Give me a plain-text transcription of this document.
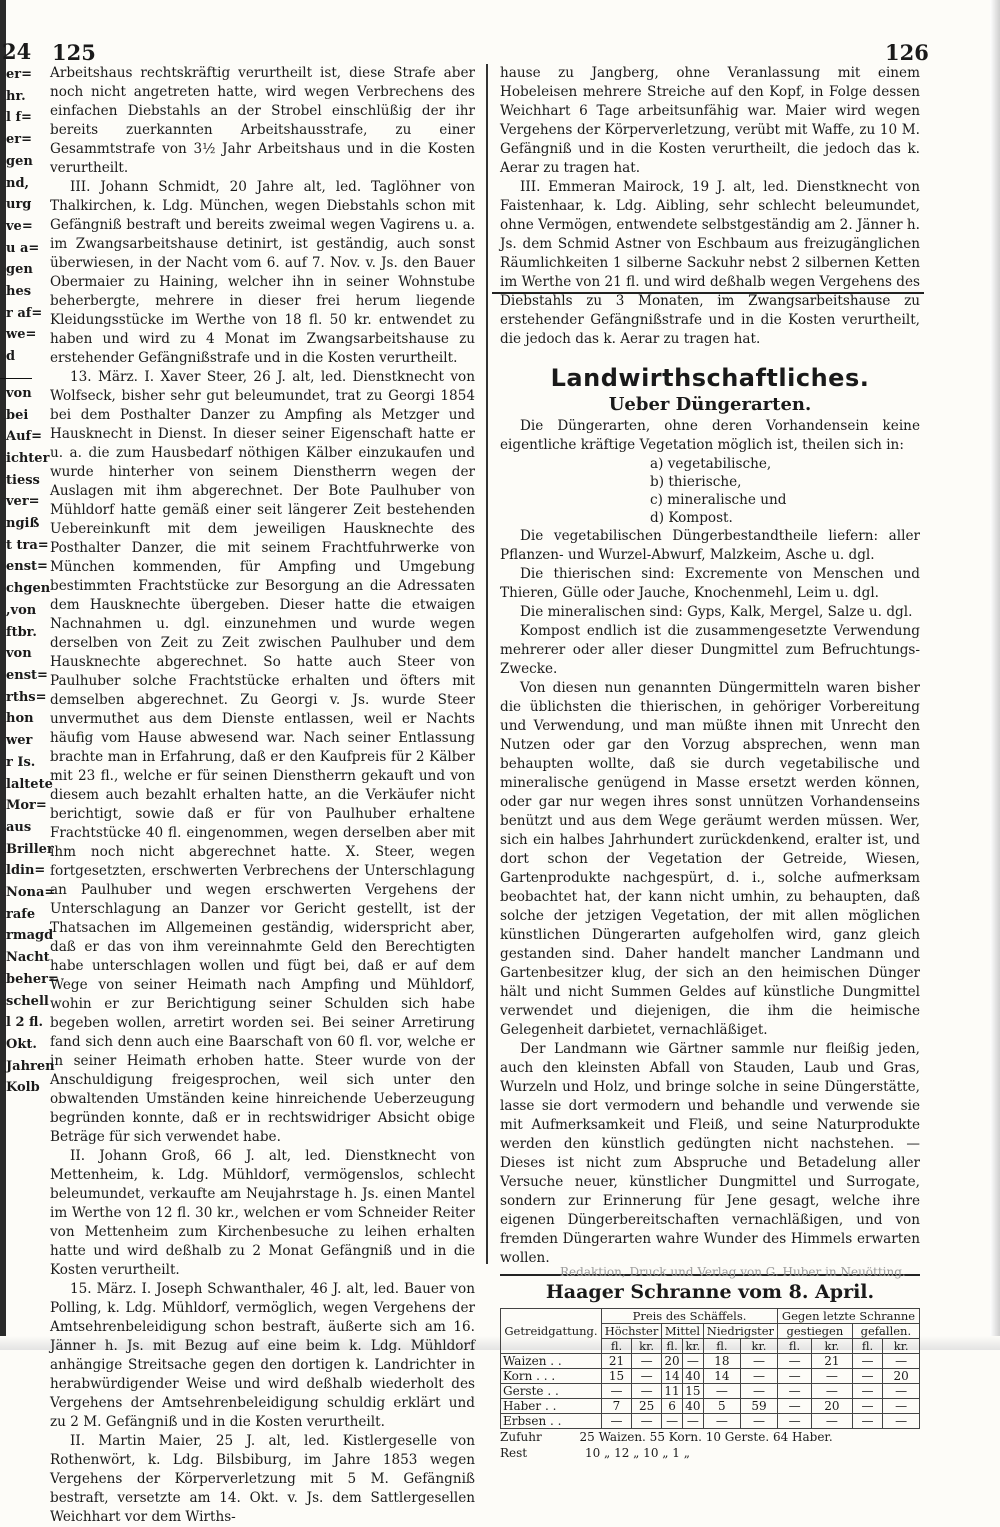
24
er=
hr.
l f=
er=
gen
nd,
urg
ve=
u a=
gen
hes
r af=
we=
d
von
bei
Auf=
ichter
tiess
ver=
ngiß
t tra=
enst=
chgen
,von
ftbr.
von
enst=
rths=
hon
wer
r Is.
laltete
Mor=
aus
Briller
ldin=
Nona=
rafe
rmagd
Nacht
beher=
schell
l 2 fl.
Okt.
Jahren
Kolb
125	126

Arbeitshaus rechtskräftig verurtheilt ist, diese Strafe aber noch nicht angetreten hatte, wird wegen Verbrechens des einfachen Diebstahls an der Strobel einschlüßig der ihr bereits zuerkannten Arbeitshausstrafe, zu einer Gesammtstrafe von 3½ Jahr Arbeitshaus und in die Kosten verurtheilt.

III. Johann Schmidt, 20 Jahre alt, led. Taglöhner von Thalkirchen, k. Ldg. München, wegen Diebstahls schon mit Gefängniß bestraft und bereits zweimal wegen Vagirens u. a. im Zwangsarbeitshause detinirt, ist geständig, auch sonst überwiesen, in der Nacht vom 6. auf 7. Nov. v. Js. den Bauer Obermaier zu Haining, welcher ihn in seiner Wohnstube beherbergte, mehrere in dieser frei herum liegende Kleidungsstücke im Werthe von 18 fl. 50 kr. entwendet zu haben und wird zu 4 Monat im Zwangsarbeitshause zu erstehender Gefängnißstrafe und in die Kosten verurtheilt.

13. März. I. Xaver Steer, 26 J. alt, led. Dienstknecht von Wolfseck, bisher sehr gut beleumundet, trat zu Georgi 1854 bei dem Posthalter Danzer zu Ampfing als Metzger und Hausknecht in Dienst. In dieser seiner Eigenschaft hatte er u. a. die zum Hausbedarf nöthigen Kälber einzukaufen und wurde hinterher von seinem Dienstherrn wegen der Auslagen mit ihm abgerechnet. Der Bote Paulhuber von Mühldorf hatte gemäß einer seit längerer Zeit bestehenden Uebereinkunft mit dem jeweiligen Hausknechte des Posthalter Danzer, die mit seinem Frachtfuhrwerke von München kommenden, für Ampfing und Umgebung bestimmten Frachtstücke zur Besorgung an die Adressaten dem Hausknechte übergeben. Dieser hatte die etwaigen Nachnahmen u. dgl. einzunehmen und wurde wegen derselben von Zeit zu Zeit zwischen Paulhuber und dem Hausknechte abgerechnet. So hatte auch Steer von Paulhuber solche Frachtstücke erhalten und öfters mit demselben abgerechnet. Zu Georgi v. Js. wurde Steer unvermuthet aus dem Dienste entlassen, weil er Nachts häufig vom Hause abwesend war. Nach seiner Entlassung brachte man in Erfahrung, daß er den Kaufpreis für 2 Kälber mit 23 fl., welche er für seinen Dienstherrn gekauft und von diesem auch bezahlt erhalten hatte, an die Verkäufer nicht berichtigt, sowie daß er für von Paulhuber erhaltene Frachtstücke 40 fl. eingenommen, wegen derselben aber mit ihm noch nicht abgerechnet hatte. X. Steer, wegen fortgesetzten, erschwerten Verbrechens der Unterschlagung an Paulhuber und wegen erschwerten Vergehens der Unterschlagung an Danzer vor Gericht gestellt, ist der Thatsachen im Allgemeinen geständig, widerspricht aber, daß er das von ihm vereinnahmte Geld den Berechtigten habe unterschlagen wollen und fügt bei, daß er auf dem Wege von seiner Heimath nach Ampfing und Mühldorf, wohin er zur Berichtigung seiner Schulden sich habe begeben wollen, arretirt worden sei. Bei seiner Arretirung fand sich denn auch eine Baarschaft von 60 fl. vor, welche er in seiner Heimath erhoben hatte. Steer wurde von der Anschuldigung freigesprochen, weil sich unter den obwaltenden Umständen keine hinreichende Ueberzeugung begründen konnte, daß er in rechtswidriger Absicht obige Beträge für sich verwendet habe.

II. Johann Groß, 66 J. alt, led. Dienstknecht von Mettenheim, k. Ldg. Mühldorf, vermögenslos, schlecht beleumundet, verkaufte am Neujahrstage h. Js. einen Mantel im Werthe von 12 fl. 30 kr., welchen er vom Schneider Reiter von Mettenheim zum Kirchenbesuche zu leihen erhalten hatte und wird deßhalb zu 2 Monat Gefängniß und in die Kosten verurtheilt.

15. März. I. Joseph Schwanthaler, 46 J. alt, led. Bauer von Polling, k. Ldg. Mühldorf, vermöglich, wegen Vergehens der Amtsehrenbeleidigung schon bestraft, äußerte sich am 16. Jänner h. Js. mit Bezug auf eine beim k. Ldg. Mühldorf anhängige Streitsache gegen den dortigen k. Landrichter in herabwürdigender Weise und wird deßhalb wiederholt des Vergehens der Amtsehrenbeleidigung schuldig erklärt und zu 2 M. Gefängniß und in die Kosten verurtheilt.

II. Martin Maier, 25 J. alt, led. Kistlergeselle von Rothenwört, k. Ldg. Bilsbiburg, im Jahre 1853 wegen Vergehens der Körperverletzung mit 5 M. Gefängniß bestraft, versetzte am 14. Okt. v. Js. dem Sattlergesellen Weichhart vor dem Wirths-

hause zu Jangberg, ohne Veranlassung mit einem Hobeleisen mehrere Streiche auf den Kopf, in Folge dessen Weichhart 6 Tage arbeitsunfähig war. Maier wird wegen Vergehens der Körperverletzung, verübt mit Waffe, zu 10 M. Gefängniß und in die Kosten verurtheilt, die jedoch das k. Aerar zu tragen hat.

III. Emmeran Mairock, 19 J. alt, led. Dienstknecht von Faistenhaar, k. Ldg. Aibling, sehr schlecht beleumundet, ohne Vermögen, entwendete selbstgeständig am 2. Jänner h. Js. dem Schmid Astner von Eschbaum aus freizugänglichen Räumlichkeiten 1 silberne Sackuhr nebst 2 silbernen Ketten im Werthe von 21 fl. und wird deßhalb wegen Vergehens des Diebstahls zu 3 Monaten, im Zwangsarbeitshause zu erstehender Gefängnißstrafe und in die Kosten verurtheilt, die jedoch das k. Aerar zu tragen hat.

Landwirthschaftliches.
Ueber Düngerarten.

Die Düngerarten, ohne deren Vorhandensein keine eigentliche kräftige Vegetation möglich ist, theilen sich in:

a) vegetabilische,
b) thierische,
c) mineralische und
d) Kompost.

Die vegetabilischen Düngerbestandtheile liefern: aller Pflanzen- und Wurzel-Abwurf, Malzkeim, Asche u. dgl.

Die thierischen sind: Excremente von Menschen und Thieren, Gülle oder Jauche, Knochenmehl, Leim u. dgl.

Die mineralischen sind: Gyps, Kalk, Mergel, Salze u. dgl.

Kompost endlich ist die zusammengesetzte Verwendung mehrerer oder aller dieser Dungmittel zum Befruchtungs-Zwecke.

Von diesen nun genannten Düngermitteln waren bisher die üblichsten die thierischen, in gehöriger Vorbereitung und Verwendung, und man müßte ihnen mit Unrecht den Nutzen oder gar den Vorzug absprechen, wenn man behaupten wollte, daß sie durch vegetabilische und mineralische genügend in Masse ersetzt werden können, oder gar nur wegen ihres sonst unnützen Vorhandenseins benützt und aus dem Wege geräumt werden müssen. Wer, sich ein halbes Jahrhundert zurückdenkend, eralter ist, und dort schon der Vegetation der Getreide, Wiesen, Gartenprodukte nachgespürt, d. i., solche aufmerksam beobachtet hat, der kann nicht umhin, zu behaupten, daß solche der jetzigen Vegetation, der mit allen möglichen künstlichen Düngerarten aufgeholfen wird, ganz gleich gestanden sind. Daher handelt mancher Landmann und Gartenbesitzer klug, der sich an den heimischen Dünger hält und nicht Summen Geldes auf künstliche Dungmittel verwendet und diejenigen, die ihm die heimische Gelegenheit darbietet, vernachläßiget.

Der Landmann wie Gärtner sammle nur fleißig jeden, auch den kleinsten Abfall von Stauden, Laub und Gras, Wurzeln und Holz, und bringe solche in seine Düngerstätte, lasse sie dort vermodern und behandle und verwende sie mit Aufmerksamkeit und Fleiß, und seine Naturprodukte werden den künstlich gedüngten nicht nachstehen. — Dieses ist nicht zum Abspruche und Betadelung aller Versuche neuer, künstlicher Dungmittel und Surrogate, sondern zur Erinnerung für Jene gesagt, welche ihre eigenen Düngerbereitschaften vernachläßigen, und von fremden Düngerarten wahre Wunder des Himmels erwarten wollen.

Haager Schranne vom 8. April.
Getreidgattung.	Preis des Schäffels.						Gegen letzte Schranne			
	Höchster		Mittel		Niedrigster		gestiegen		gefallen.	
	fl.	kr.	fl.	kr.	fl.	kr.	fl.	kr.	fl.	kr.
Waizen . .	21	—	20	—	18	—	—	21	—	—
Korn . . .	15	—	14	40	14	—	—	—	—	20
Gerste . .	—	—	11	15	—	—	—	—	—	—
Haber . .	7	25	6	40	5	59	—	20	—	—
Erbsen . .	—	—	—	—	—	—	—	—	—	—
Zufuhr	25 Waizen. 55 Korn. 10 Gerste. 64 Haber.
Rest	10 „ 12 „ 10 „ 1 „
Redaktion, Druck und Verlag von G. Huber in Neuötting.
